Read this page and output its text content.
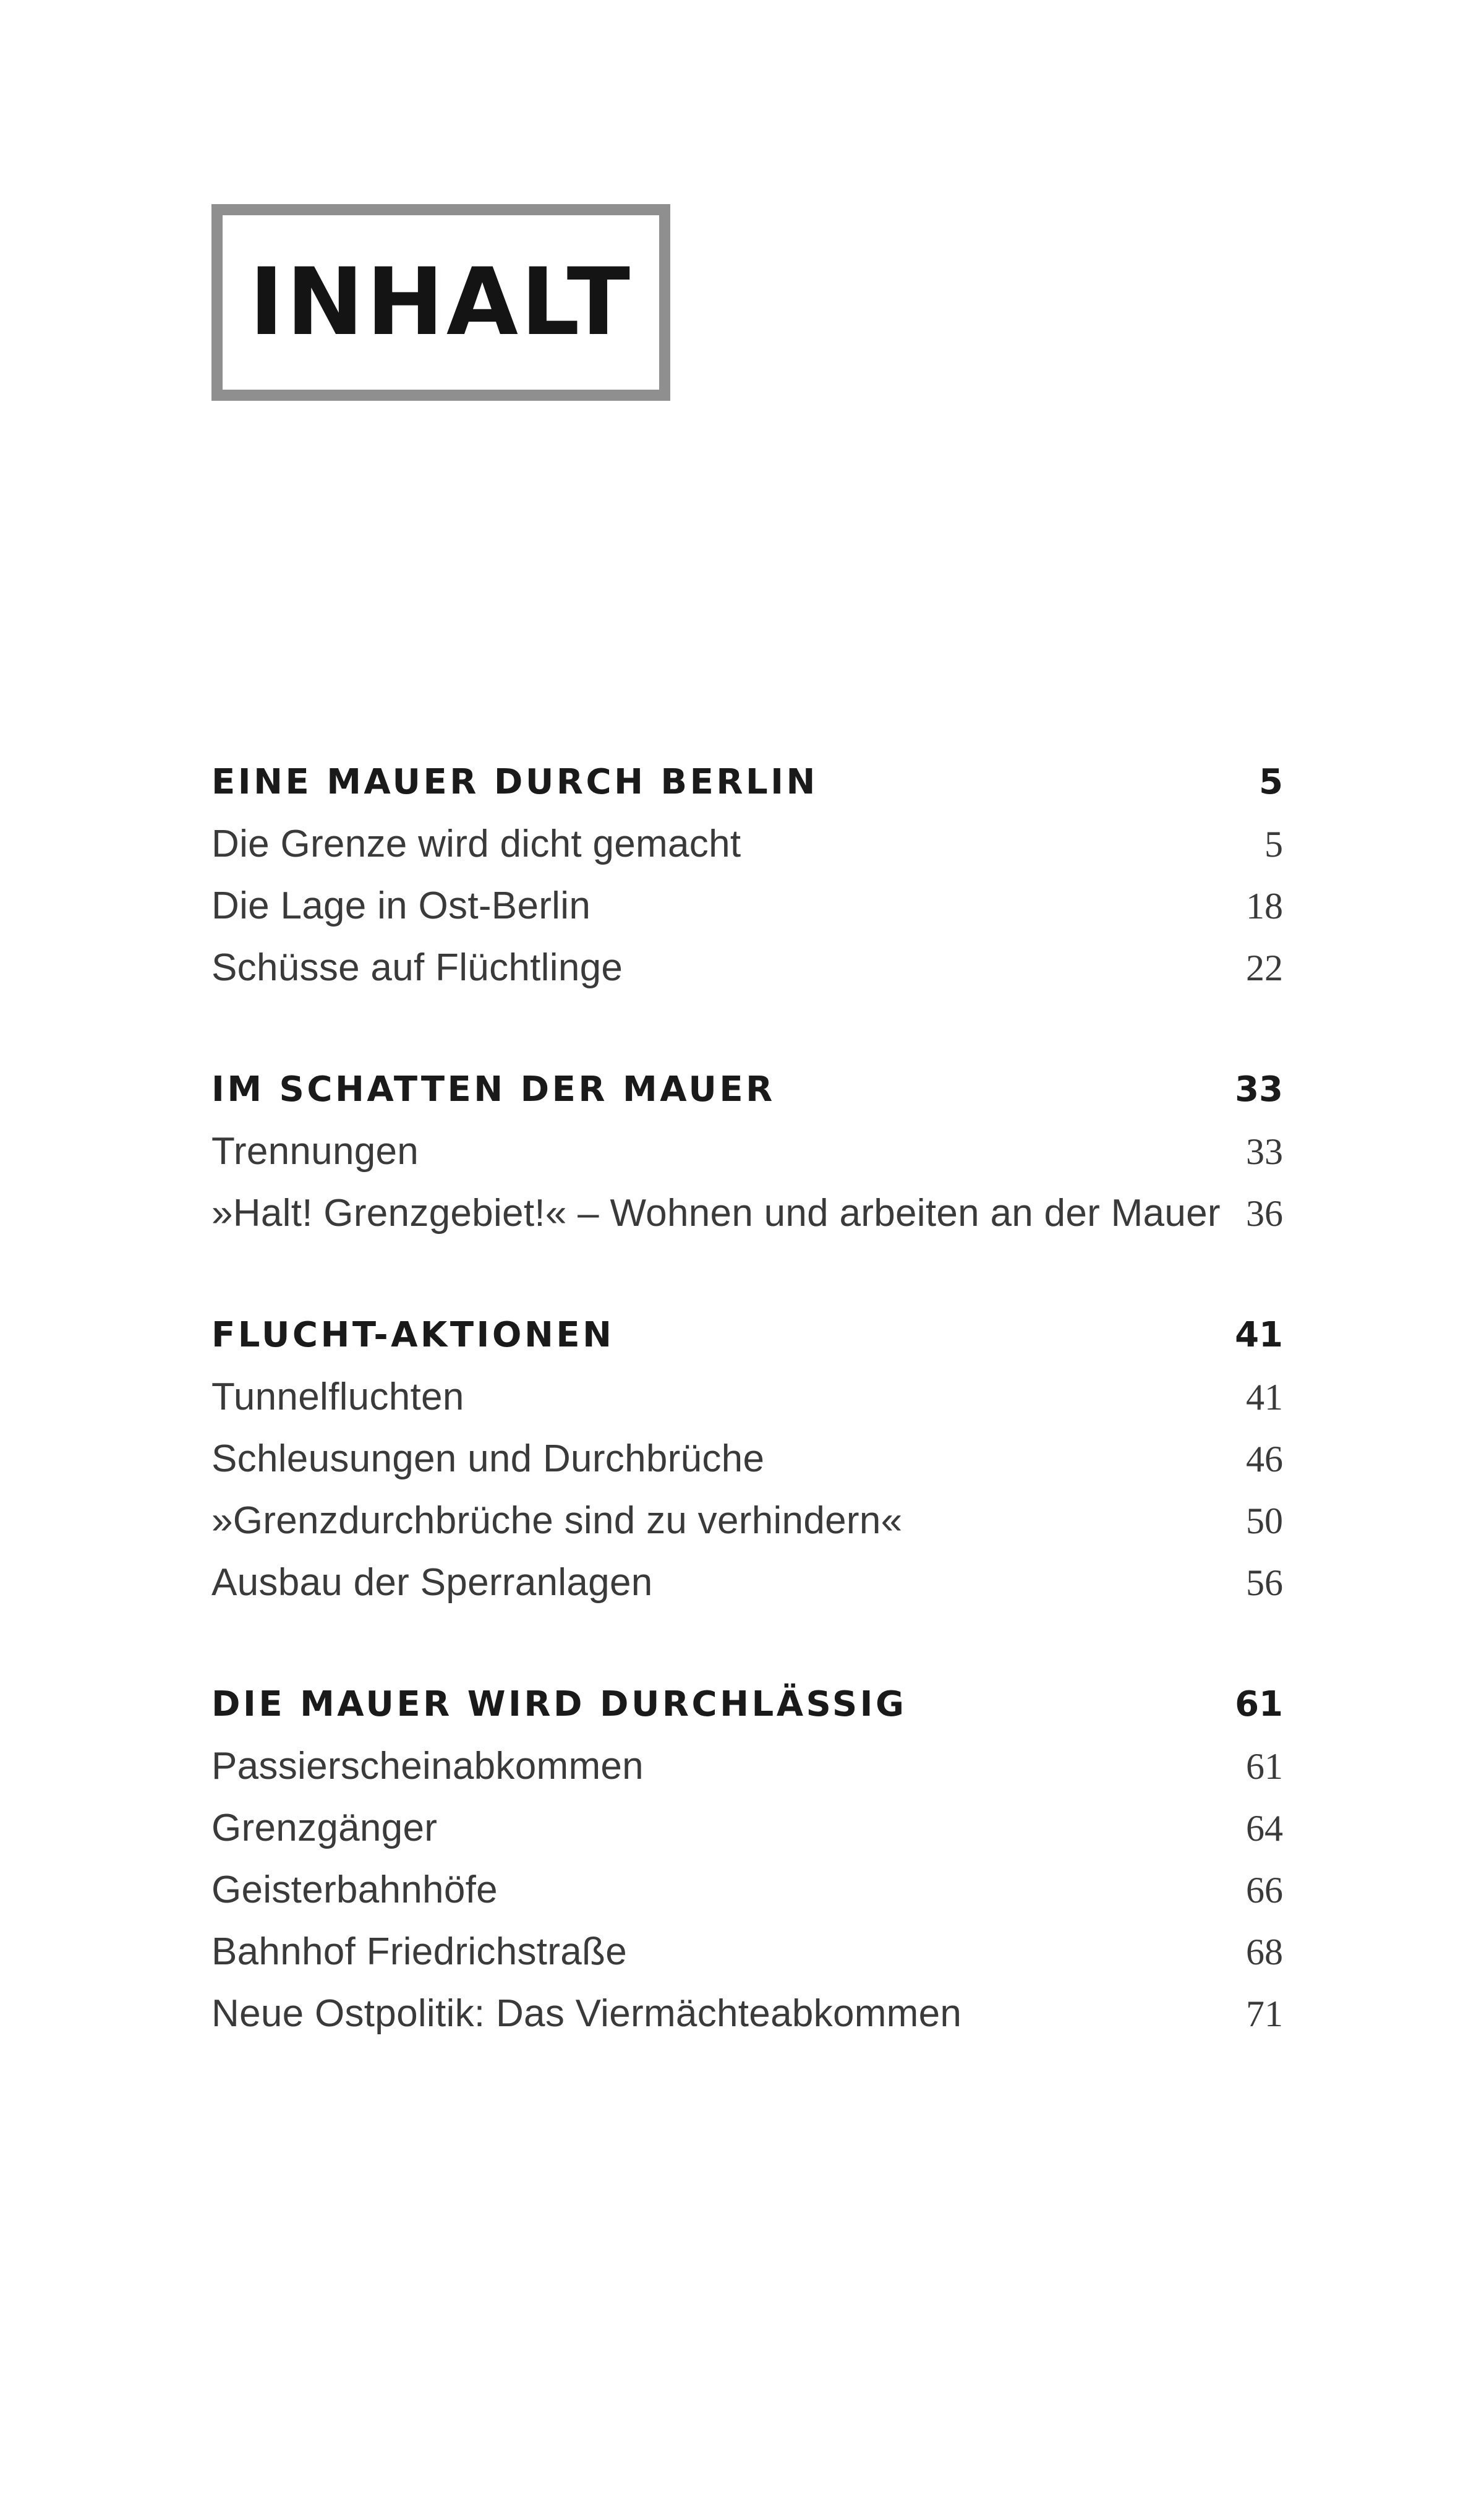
INHALT
EINE MAUER DURCH BERLIN	5
Die Grenze wird dicht gemacht	5
Die Lage in Ost-Berlin	18
Schüsse auf Flüchtlinge	22
IM SCHATTEN DER MAUER	33
Trennungen	33
»Halt! Grenzgebiet!« – Wohnen und arbeiten an der Mauer 36
FLUCHT-AKTIONEN	41
Tunnelfluchten	41
Schleusungen und Durchbrüche	46
»Grenzdurchbrüche sind zu verhindern«	50
Ausbau der Sperranlagen	56
DIE MAUER WIRD DURCHLÄSSIG	61
Passierscheinabkommen	61
Grenzgänger	64
Geisterbahnhöfe	66
Bahnhof Friedrichstraße	68
Neue Ostpolitik: Das Viermächteabkommen	71
